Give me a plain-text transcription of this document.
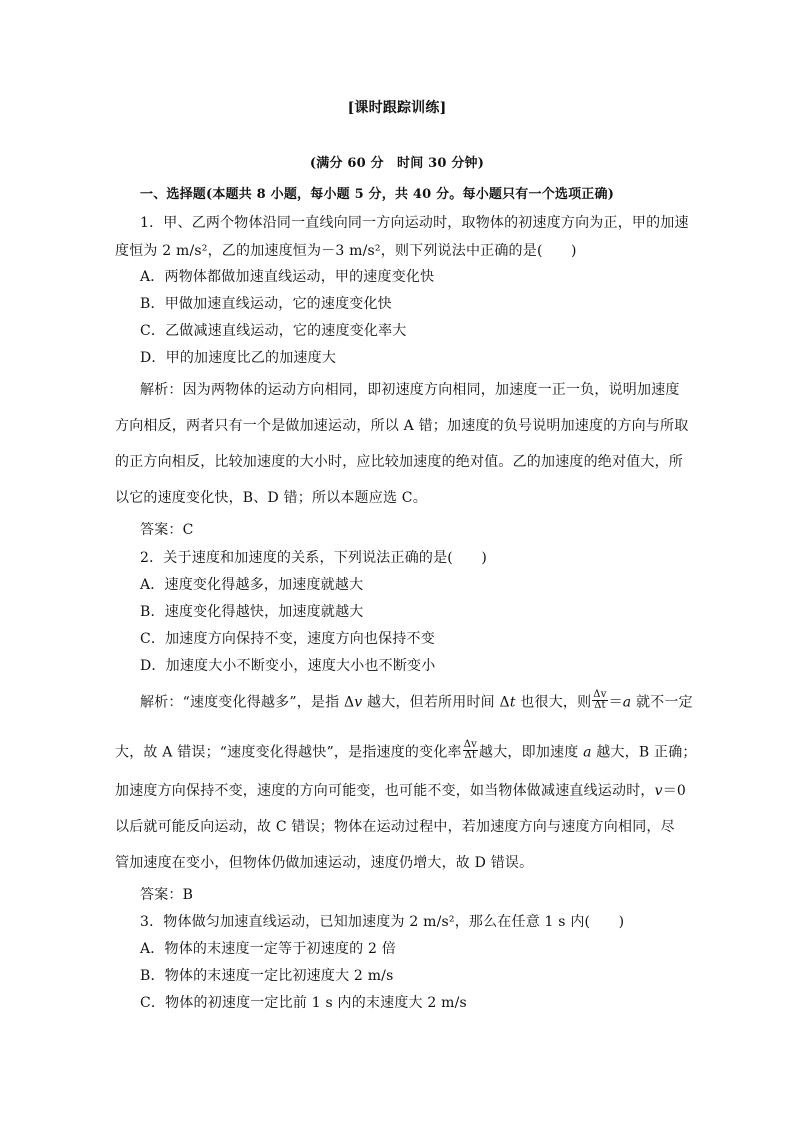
[课时跟踪训练]
(满分 60 分　时间 30 分钟)
一、选择题(本题共 8 小题，每小题 5 分，共 40 分。每小题只有一个选项正确)
1．甲、乙两个物体沿同一直线向同一方向运动时，取物体的初速度方向为正，甲的加速
度恒为 2 m/s²，乙的加速度恒为－3 m/s²，则下列说法中正确的是(　　)
A．两物体都做加速直线运动，甲的速度变化快
B．甲做加速直线运动，它的速度变化快
C．乙做减速直线运动，它的速度变化率大
D．甲的加速度比乙的加速度大
解析：因为两物体的运动方向相同，即初速度方向相同，加速度一正一负，说明加速度
方向相反，两者只有一个是做加速运动，所以 A 错；加速度的负号说明加速度的方向与所取
的正方向相反，比较加速度的大小时，应比较加速度的绝对值。乙的加速度的绝对值大，所
以它的速度变化快，B、D 错；所以本题应选 C。
答案：C
2．关于速度和加速度的关系，下列说法正确的是(　　)
A．速度变化得越多，加速度就越大
B．速度变化得越快，加速度就越大
C．加速度方向保持不变，速度方向也保持不变
D．加速度大小不断变小，速度大小也不断变小
解析：“速度变化得越多”，是指 Δv 越大，但若所用时间 Δt 也很大，则 $\frac{\Delta v}{\Delta t} =a$ 就不一定
大，故 A 错误；“速度变化得越快”，是指速度的变化率 $\frac{\Delta v}{\Delta t}$ 越大，即加速度 a 越大，B 正确；
加速度方向保持不变，速度的方向可能变，也可能不变，如当物体做减速直线运动时，v＝0
以后就可能反向运动，故 C 错误；物体在运动过程中，若加速度方向与速度方向相同，尽
管加速度在变小，但物体仍做加速运动，速度仍增大，故 D 错误。
答案：B
3．物体做匀加速直线运动，已知加速度为 2 m/s²，那么在任意 1 s 内(　　)
A．物体的末速度一定等于初速度的 2 倍
B．物体的末速度一定比初速度大 2 m/s
C．物体的初速度一定比前 1 s 内的末速度大 2 m/s
